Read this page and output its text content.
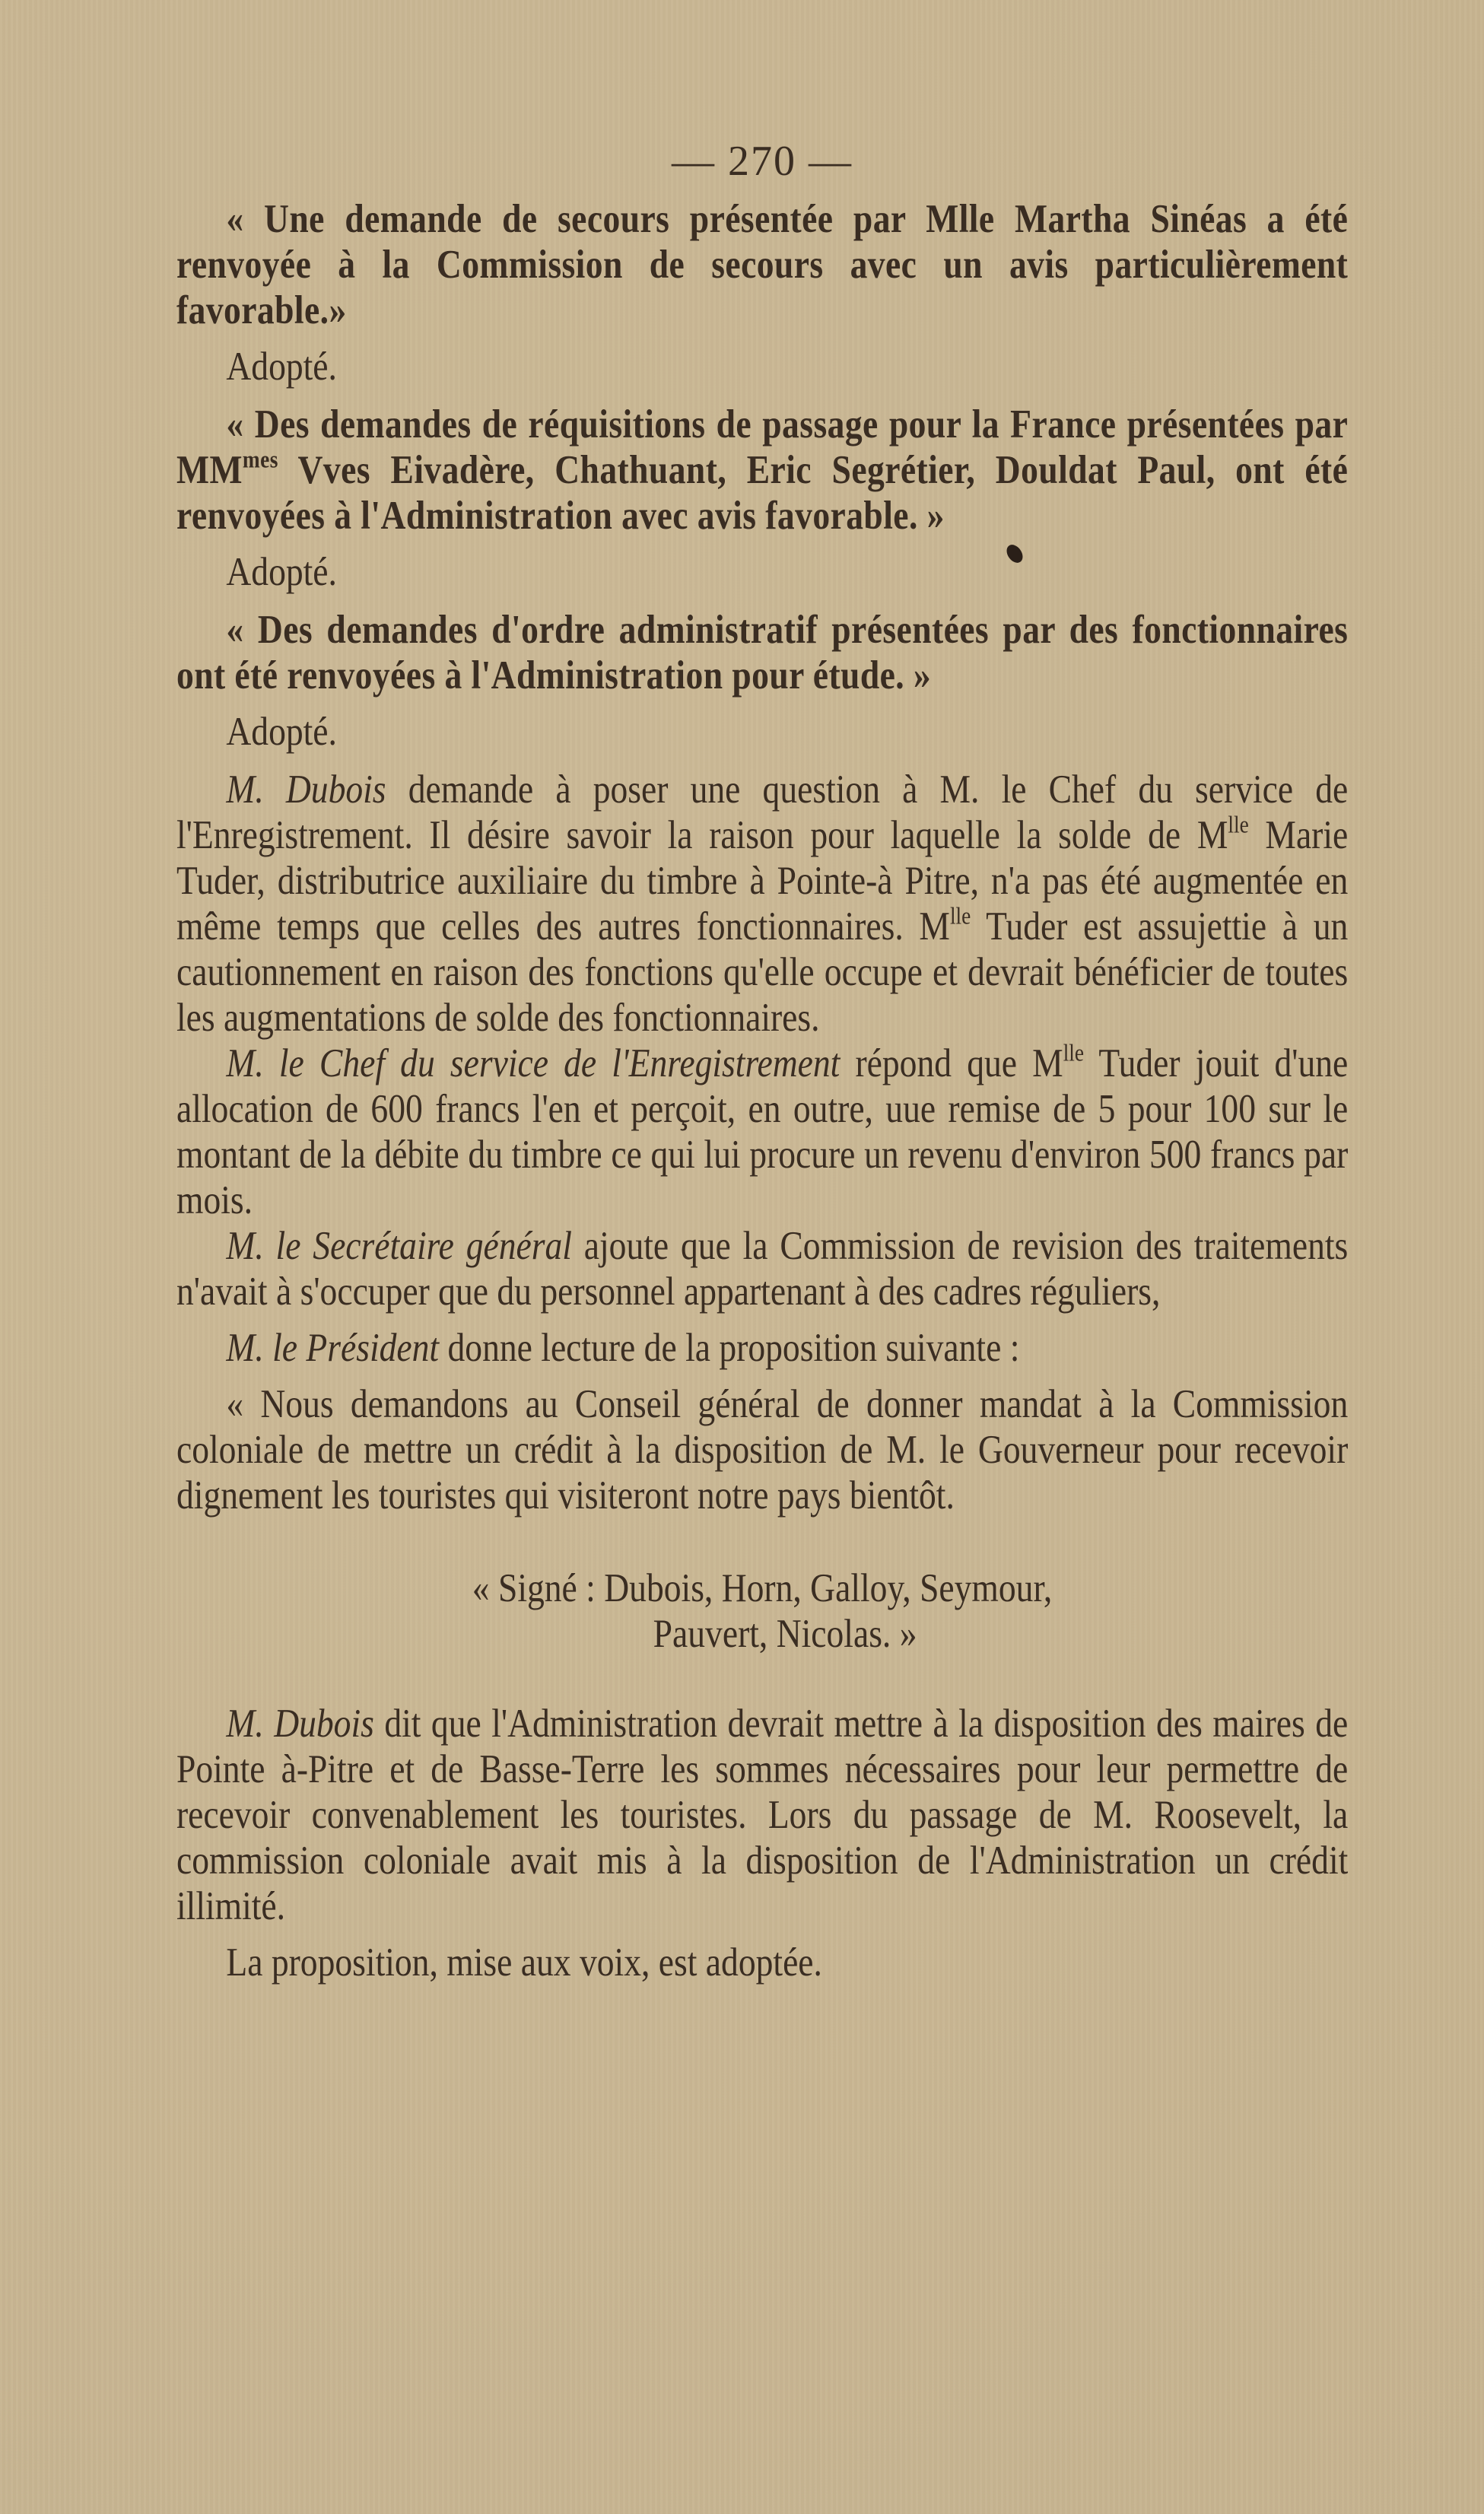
— 270 —

« Une demande de secours présentée par Mlle Martha Sinéas a été renvoyée à la Commission de secours avec un avis particulièrement favorable.»

Adopté.

« Des demandes de réquisitions de passage pour la France présentées par $MM^{mes}$ Vves Eivadère, Chathuant, Eric Segrétier, Douldat Paul, ont été renvoyées à l'Administration avec avis favorable. »

Adopté.

« Des demandes d'ordre administratif présentées par des fonctionnaires ont été renvoyées à l'Administration pour étude. »

Adopté.

M. Dubois demande à poser une question à M. le Chef du service de l'Enregistrement. Il désire savoir la raison pour laquelle la solde de $M^{lle}$ Marie Tuder, distributrice auxiliaire du timbre à Pointe-à Pitre, n'a pas été augmentée en même temps que celles des autres fonctionnaires. $M^{lle}$ Tuder est assujettie à un cautionnement en raison des fonctions qu'elle occupe et devrait bénéficier de toutes les augmentations de solde des fonctionnaires.

M. le Chef du service de l'Enregistrement répond que $M^{lle}$ Tuder jouit d'une allocation de 600 francs l'en et perçoit, en outre, uue remise de 5 pour 100 sur le montant de la débite du timbre ce qui lui procure un revenu d'environ 500 francs par mois.

M. le Secrétaire général ajoute que la Commission de revision des traitements n'avait à s'occuper que du personnel appartenant à des cadres réguliers,

M. le Président donne lecture de la proposition suivante :

« Nous demandons au Conseil général de donner mandat à la Commission coloniale de mettre un crédit à la disposition de M. le Gouverneur pour recevoir dignement les touristes qui visiteront notre pays bientôt.

« Signé : Dubois, Horn, Galloy, Seymour,
Pauvert, Nicolas. »

M. Dubois dit que l'Administration devrait mettre à la disposition des maires de Pointe à-Pitre et de Basse-Terre les sommes nécessaires pour leur permettre de recevoir convenablement les touristes. Lors du passage de M. Roosevelt, la commission coloniale avait mis à la disposition de l'Administration un crédit illimité.

La proposition, mise aux voix, est adoptée.
